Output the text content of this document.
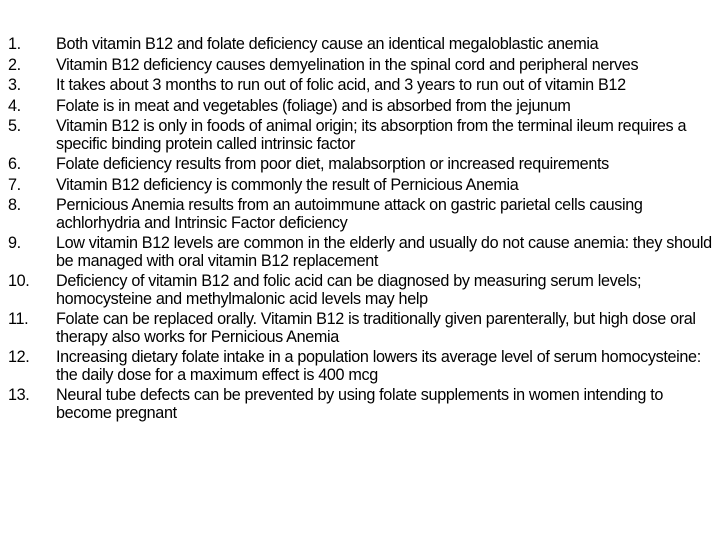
1.	Both vitamin B12 and folate deficiency cause an identical megaloblastic anemia
2.	Vitamin B12 deficiency causes demyelination in the spinal cord and peripheral nerves
3.	It takes about 3 months to run out of folic acid, and 3 years to run out of vitamin B12
4.	Folate is in meat and vegetables (foliage) and is absorbed from the jejunum
5.	Vitamin B12 is only in foods of animal origin; its absorption from the terminal ileum requires a specific binding protein called intrinsic factor
6.	Folate deficiency results from poor diet, malabsorption or increased requirements
7.	Vitamin B12 deficiency is commonly the result of Pernicious Anemia
8.	Pernicious Anemia results from an autoimmune attack on gastric parietal cells causing achlorhydria and Intrinsic Factor deficiency
9.	Low vitamin B12 levels are common in the elderly and usually do not cause anemia: they should be managed with oral vitamin B12 replacement
10.	Deficiency of vitamin B12 and folic acid can be diagnosed by measuring serum levels; homocysteine and methylmalonic acid levels may help
11.	Folate can be replaced orally. Vitamin B12 is traditionally given parenterally, but high dose oral therapy also works for Pernicious Anemia
12.	Increasing dietary folate intake in a population lowers its average level of serum homocysteine: the daily dose for a maximum effect is 400 mcg
13.	Neural tube defects can be prevented by using folate supplements in women intending to become pregnant
